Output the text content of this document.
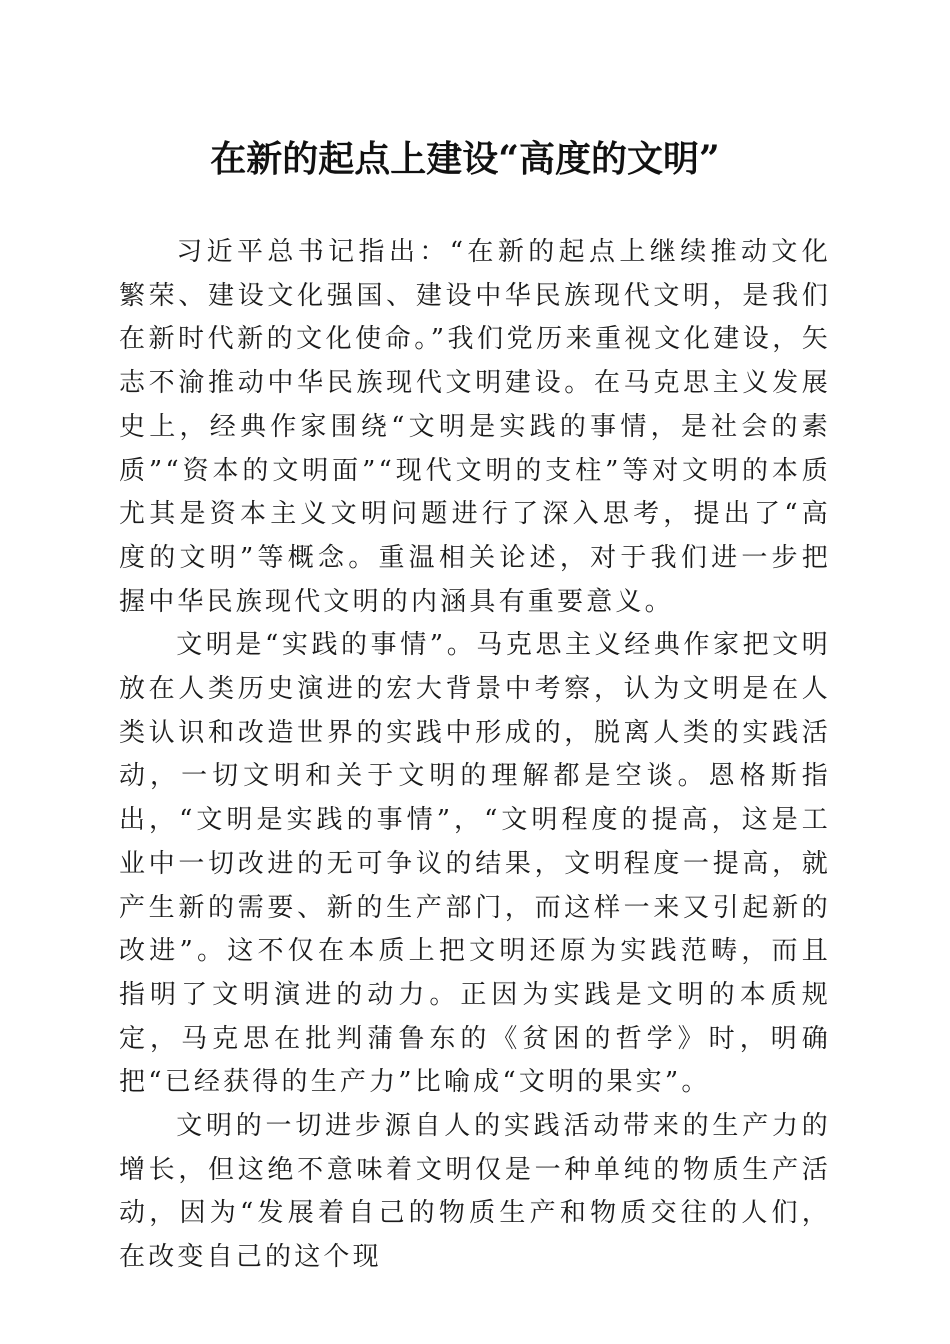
在新的起点上建设“高度的文明”

习近平总书记指出：“在新的起点上继续推动文化繁荣、建设文化强国、建设中华民族现代文明，是我们在新时代新的文化使命。”我们党历来重视文化建设，矢志不渝推动中华民族现代文明建设。在马克思主义发展史上，经典作家围绕“文明是实践的事情，是社会的素质”“资本的文明面”“现代文明的支柱”等对文明的本质尤其是资本主义文明问题进行了深入思考，提出了“高度的文明”等概念。重温相关论述，对于我们进一步把握中华民族现代文明的内涵具有重要意义。

文明是“实践的事情”。马克思主义经典作家把文明放在人类历史演进的宏大背景中考察，认为文明是在人类认识和改造世界的实践中形成的，脱离人类的实践活动，一切文明和关于文明的理解都是空谈。恩格斯指出，“文明是实践的事情”，“文明程度的提高，这是工业中一切改进的无可争议的结果，文明程度一提高，就产生新的需要、新的生产部门，而这样一来又引起新的改进”。这不仅在本质上把文明还原为实践范畴，而且指明了文明演进的动力。正因为实践是文明的本质规定，马克思在批判蒲鲁东的《贫困的哲学》时，明确把“已经获得的生产力”比喻成“文明的果实”。

文明的一切进步源自人的实践活动带来的生产力的增长，但这绝不意味着文明仅是一种单纯的物质生产活动，因为“发展着自己的物质生产和物质交往的人们，在改变自己的这个现
